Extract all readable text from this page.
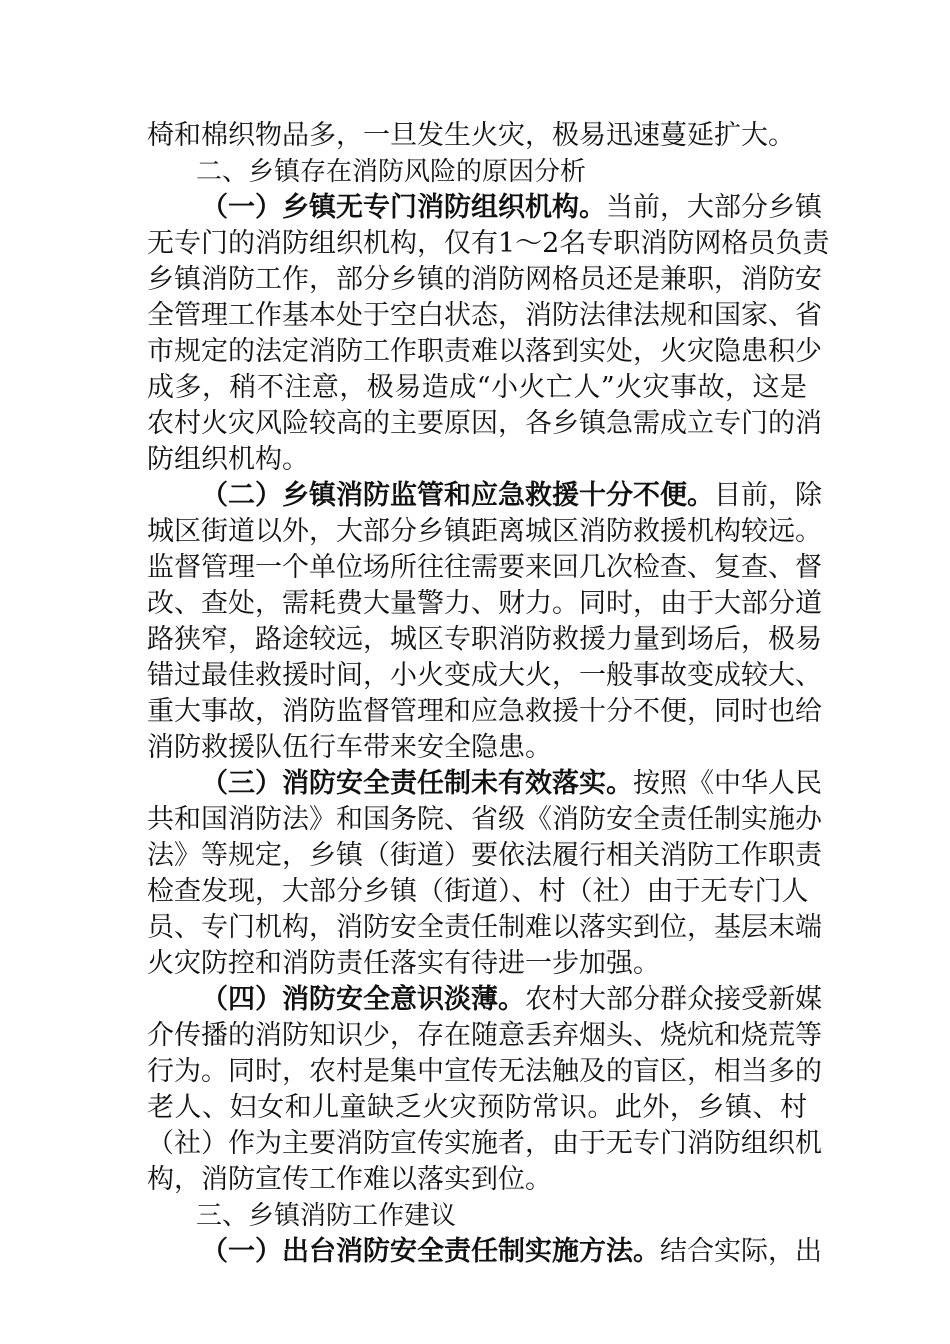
椅和棉织物品多，一旦发生火灾，极易迅速蔓延扩大。
二、乡镇存在消防风险的原因分析
（一）乡镇无专门消防组织机构。当前，大部分乡镇
无专门的消防组织机构，仅有1～2名专职消防网格员负责
乡镇消防工作，部分乡镇的消防网格员还是兼职，消防安
全管理工作基本处于空白状态，消防法律法规和国家、省
市规定的法定消防工作职责难以落到实处，火灾隐患积少
成多，稍不注意，极易造成“小火亡人”火灾事故，这是
农村火灾风险较高的主要原因，各乡镇急需成立专门的消
防组织机构。
（二）乡镇消防监管和应急救援十分不便。目前，除
城区街道以外，大部分乡镇距离城区消防救援机构较远。
监督管理一个单位场所往往需要来回几次检查、复查、督
改、查处，需耗费大量警力、财力。同时，由于大部分道
路狭窄，路途较远，城区专职消防救援力量到场后，极易
错过最佳救援时间，小火变成大火，一般事故变成较大、
重大事故，消防监督管理和应急救援十分不便，同时也给
消防救援队伍行车带来安全隐患。
（三）消防安全责任制未有效落实。按照《中华人民
共和国消防法》和国务院、省级《消防安全责任制实施办
法》等规定，乡镇（街道）要依法履行相关消防工作职责
检查发现，大部分乡镇（街道）、村（社）由于无专门人
员、专门机构，消防安全责任制难以落实到位，基层末端
火灾防控和消防责任落实有待进一步加强。
（四）消防安全意识淡薄。农村大部分群众接受新媒
介传播的消防知识少，存在随意丢弃烟头、烧炕和烧荒等
行为。同时，农村是集中宣传无法触及的盲区，相当多的
老人、妇女和儿童缺乏火灾预防常识。此外，乡镇、村
（社）作为主要消防宣传实施者，由于无专门消防组织机
构，消防宣传工作难以落实到位。
三、乡镇消防工作建议
（一）出台消防安全责任制实施方法。结合实际，出
